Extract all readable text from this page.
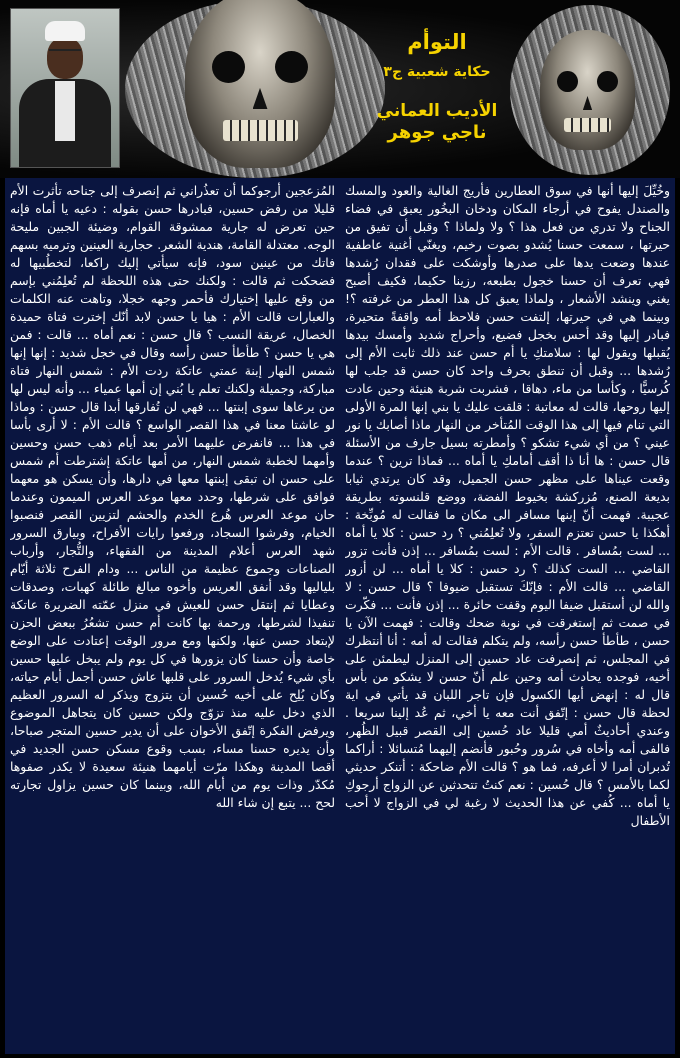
التوأم
حكاية شعبية ج٣
الأديب العماني
ناجي جوهر
وخُيِّلَ إليها أنها في سوق العطارين فأريج الغالية والعود والمسك والصندل يفوح في أرجاء المكان ودخان البخُور يعبق في فضاء الجناح ولا تدري من فعل هذا ؟ ولا ولماذا ؟ وقبل أن تفيق من حيرتها ، سمعت حسنا يُشدو بصوت رخيم، ويغنّي أغنية عاطفية عندها وضعت يدها على صدرها وأوشكت على فقدان رُشدها فهي تعرف أن حسنا خجول بطبعه، رزينا حكيما، فكيف أصبح يغني وينشد الأشعار ، ولماذا يعبق كل هذا العطر من غرفته ؟! وبينما هي في حيرتها، إلتفت حسن فلاحظ أمه واقفةً متحيرة، فبادر إليها وقد أحس بخجل فضيع، وأحراج شديد وأمسك بيدها يُقبلها ويقول لها : سلامتكِ يا أم حسن عند ذلك ثابت الأم إلى رُشدها ... وقبل أن تنطق بحرف واحد كان حسن قد جلب لها كُرسيًّا ، وكأسا من ماء، دهاقا ، فشربت شربة هنيئة وحين عادت إليها روحها، قالت له معاتبة : قلقت عليك يا بني إنها المرة الأولى التي تنام فيها إلى هذا الوقت المُتأخر من النهار ماذا أصابك يا نور عيني ؟ من أي شيء تشكو ؟ وأمطرته بسيل جارف من الأسئلة قال حسن : ها أنا ذا أقف أمامكِ يا أماه ... فماذا ترين ؟ عندما وقعت عيناها على مظهر حسن الجميل، وقد كان يرتدي ثيابا بديعة الصنع، مُزركشة بخيوط الفضة، ووضع قلنسوته بطريقة عجيبة. فهمت أنّ إبنها مسافر الى مكان ما فقالت له مُوبِّخة : أهكذا يا حسن تعتزم السفر، ولا تُعلِمُني ؟ رد حسن : كلا يا أماه ... لست بمُسافر . قالت الأم : لست بمُسافر ... إذن فأنت تزور القاضي ... الست كذلك ؟ رد حسن : كلا يا أماه ... لن أزور القاضي ... قالت الأم : فإنّكَ تستقبل ضيوفا ؟ قال حسن : لا والله لن أستقبل ضيفا اليوم وقفت حائرة ... إذن فأنت ... فكّرت في صمت ثم إستغرقت في نوبة ضحك وقالت : فهمت الآن يا حسن ، طأطأ حسن رأسه، ولم يتكلم فقالت له أمه : أنا أنتظرك في المجلس، ثم إنصرفت عاد حسين إلى المنزل ليطمئن على أخيه، فوجده يحادث أمه وحين علم أنّ حسن لا يشكو من بأس قال له : إنهض أيها الكسول فإن تاجر اللبان قد يأتي في اية لحظة قال حسن : إتّفق أنت معه يا أخي، ثم عُد إلينا سريعا . وعندي أحاديثٌ أمي قليلا عاد حُسين إلى القصر قبيل الظُهر، فالفى أمه وأخاه في سُرور وحُبور فأنضم إليهما مُتسائلا : أراكما تُدبران أمرا لا أعرفه، فما هو ؟ قالت الأم ضاحكة : أتنكر حديثي لكما بالأمس ؟ قال حُسين : نعم كنتُ تتحدثين عن الزواج أرجوكِ يا أماه ... كُفي عن هذا الحديث لا رغبة لي في الزواج لا أحب الأطفال
المُزعجين أرجوكما أن تعذُراني ثم إنصرف إلى جناحه تأثرت الأم قليلا من رفض حسين، فبادرها حسن بقوله : دعيه يا أماه فإنه حين تعرض له جارية ممشوقة القوام، وضيئة الجبين مليحة الوجه. معتدلة القامة، هندية الشعر. حجارية العينين وترميه بسهم فاتك من عينين سود، فإنه سيأتي إليك راكعا، لتخطُبيها له فضحكت ثم قالت : ولكنك حتى هذه اللحظة لم تُعلِمُني بإسم من وقع عليها إختيارك فأحمر وجهه خجلا، وتاهت عنه الكلمات والعبارات قالت الأم : هيا يا حسن لابد أنّك إخترت فتاة حميدة الخصال، عريقة النسب ؟ قال حسن : نعم أماه ... قالت : فمن هي يا حسن ؟ طأطأ حسن رأسه وقال في خجل شديد : إنها إنها شمس النهار إبنة عمتي عاتكة ردت الأم : شمس النهار فتاة مباركة، وجميلة ولكنك تعلم يا بُني إن أمها عمياء ... وأنه ليس لها من يرعاها سوى إبنتها ... فهي لن تُفارقها أبدا قال حسن : وماذا لو عاشتا معنا في هذا القصر الواسع ؟ قالت الأم : لا أرى بأسا في هذا ... فانفرض عليهما الأمر بعد أيام ذهب حسن وحسين وأمهما لخطبة شمس النهار، من أمها عاتكة إشترطت أم شمس على حسن ان تبقى إبنتها معها في دارها، وأن يسكن هو معهما فوافق على شرطها، وحدد معها موعد العرس الميمون وعندما حان موعد العرس هُرع الخدم والحشم لتزيين القصر فنصبوا الخيام، وفرشوا السجاد، ورفعوا رايات الأفراح، وبيارق السرور شهد العرس أعلام المدينة من الفقهاء، والتُّجار، وأرباب الصناعات وجموع عظيمة من الناس ... ودام الفرح ثلاثة أيّام بلياليها وقد أنفق العريس وأخوه مبالغ طائلة كهبات، وصدقات وعطايا ثم إنتقل حسن للعيش في منزل عمّته الضريرة عاتكة تنفيذا لشرطها، ورحمة بها كانت أم حسن تشعُرُ ببعض الحزن لإبتعاد حسن عنها، ولكنها ومع مرور الوقت إعتادت على الوضع خاصة وأن حسنا كان يزورها في كل يوم ولم يبخل عليها حسين بأي شيء يُدخل السرور على قلبها عاش حسن أجمل أيام حياته، وكان يُلِح على أخيه حُسين أن يتزوج ويذكر له السرور العظيم الذي دخل عليه منذ تزوّج ولكن حسين كان يتجاهل الموضوع ويرفض الفكرة إتّفق الأخوان على أن يدير حسين المتجر صباحا، وأن يديره حسنا مساء، بسب وقوع مسكن حسن الجديد في أقصا المدينة وهكذا مرّت أيامهما هنيئة سعيدة لا يكدر صفوها مُكدّر وذات يوم من أيام الله، وبينما كان حسين يزاول تجارته لحح ... يتبع إن شاء الله
